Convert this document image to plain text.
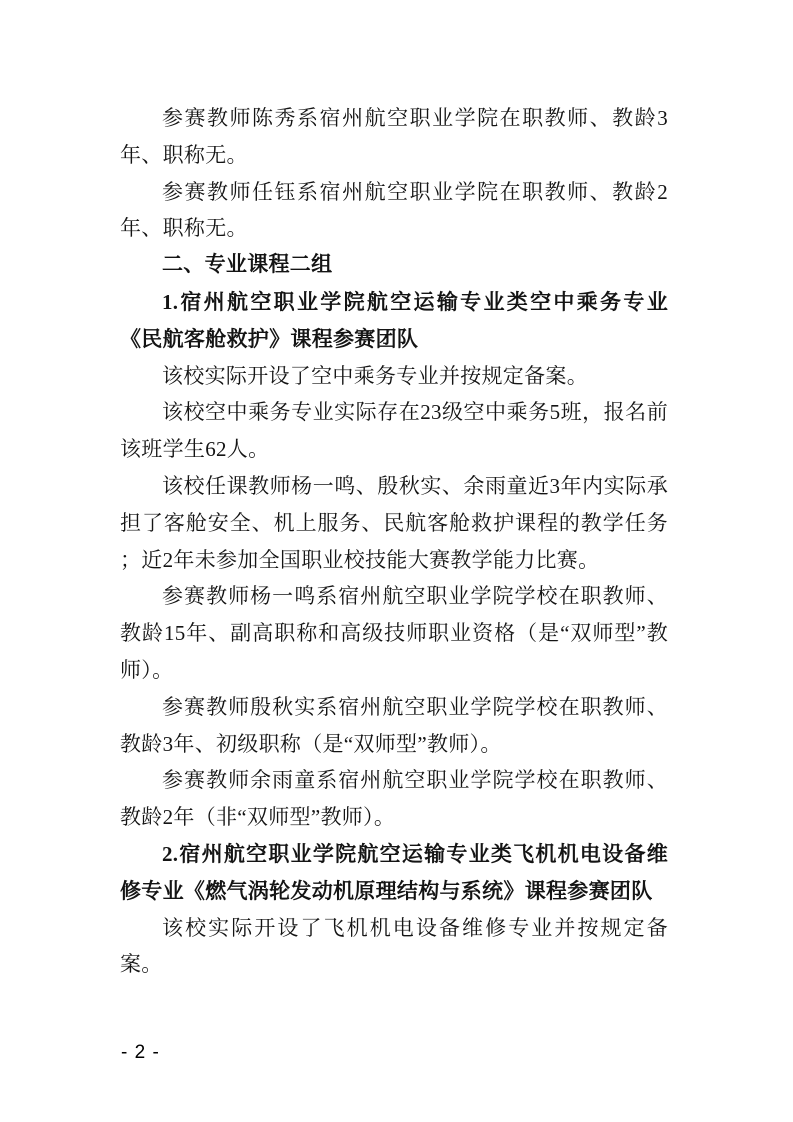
参赛教师陈秀系宿州航空职业学院在职教师、教龄3年、职称无。

参赛教师任钰系宿州航空职业学院在职教师、教龄2年、职称无。

二、专业课程二组

1.宿州航空职业学院航空运输专业类空中乘务专业《民航客舱救护》课程参赛团队

该校实际开设了空中乘务专业并按规定备案。

该校空中乘务专业实际存在23级空中乘务5班，报名前该班学生62人。

该校任课教师杨一鸣、殷秋实、余雨童近3年内实际承担了客舱安全、机上服务、民航客舱救护课程的教学任务；近2年未参加全国职业校技能大赛教学能力比赛。

参赛教师杨一鸣系宿州航空职业学院学校在职教师、教龄15年、副高职称和高级技师职业资格（是“双师型”教师）。

参赛教师殷秋实系宿州航空职业学院学校在职教师、教龄3年、初级职称（是“双师型”教师）。

参赛教师余雨童系宿州航空职业学院学校在职教师、教龄2年（非“双师型”教师）。

2.宿州航空职业学院航空运输专业类飞机机电设备维修专业《燃气涡轮发动机原理结构与系统》课程参赛团队

该校实际开设了飞机机电设备维修专业并按规定备案。

- 2 -
